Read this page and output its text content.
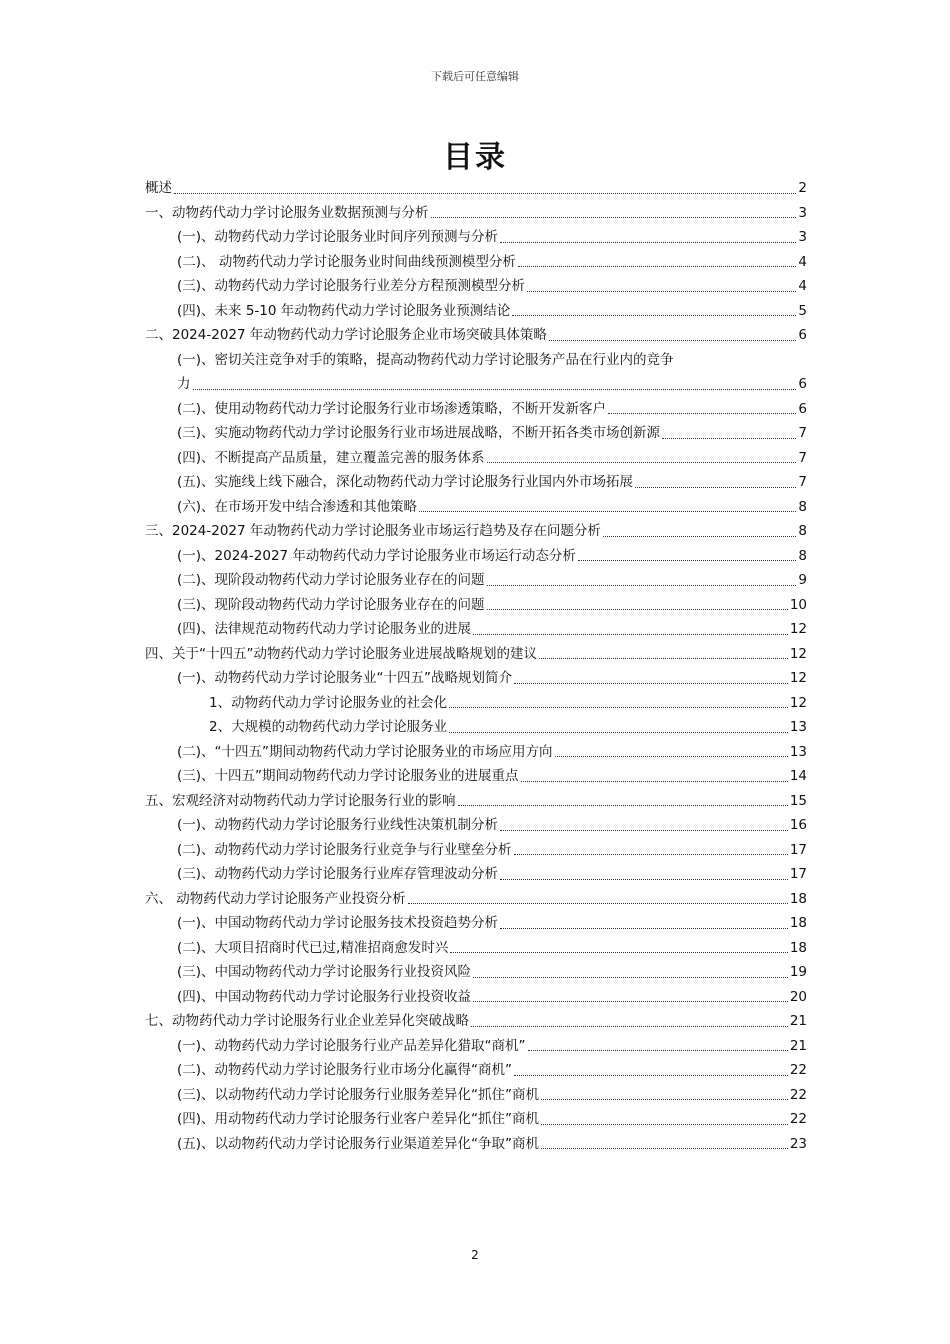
下载后可任意编辑
目录
概述	2
一、动物药代动力学讨论服务业数据预测与分析	3
(一)、动物药代动力学讨论服务业时间序列预测与分析	3
(二)、 动物药代动力学讨论服务业时间曲线预测模型分析	4
(三)、动物药代动力学讨论服务行业差分方程预测模型分析	4
(四)、未来 5-10 年动物药代动力学讨论服务业预测结论	5
二、2024-2027 年动物药代动力学讨论服务企业市场突破具体策略	6
(一)、密切关注竞争对手的策略，提高动物药代动力学讨论服务产品在行业内的竞争
力	6
(二)、使用动物药代动力学讨论服务行业市场渗透策略，不断开发新客户	6
(三)、实施动物药代动力学讨论服务行业市场进展战略，不断开拓各类市场创新源	7
(四)、不断提高产品质量，建立覆盖完善的服务体系	7
(五)、实施线上线下融合，深化动物药代动力学讨论服务行业国内外市场拓展	7
(六)、在市场开发中结合渗透和其他策略	8
三、2024-2027 年动物药代动力学讨论服务业市场运行趋势及存在问题分析	8
(一)、2024-2027 年动物药代动力学讨论服务业市场运行动态分析	8
(二)、现阶段动物药代动力学讨论服务业存在的问题	9
(三)、现阶段动物药代动力学讨论服务业存在的问题	10
(四)、法律规范动物药代动力学讨论服务业的进展	12
四、关于“十四五”动物药代动力学讨论服务业进展战略规划的建议	12
(一)、动物药代动力学讨论服务业“十四五”战略规划简介	12
1、动物药代动力学讨论服务业的社会化	12
2、大规模的动物药代动力学讨论服务业	13
(二)、“十四五”期间动物药代动力学讨论服务业的市场应用方向	13
(三)、十四五”期间动物药代动力学讨论服务业的进展重点	14
五、宏观经济对动物药代动力学讨论服务行业的影响	15
(一)、动物药代动力学讨论服务行业线性决策机制分析	16
(二)、动物药代动力学讨论服务行业竞争与行业壁垒分析	17
(三)、动物药代动力学讨论服务行业库存管理波动分析	17
六、 动物药代动力学讨论服务产业投资分析	18
(一)、中国动物药代动力学讨论服务技术投资趋势分析	18
(二)、大项目招商时代已过,精准招商愈发时兴	18
(三)、中国动物药代动力学讨论服务行业投资风险	19
(四)、中国动物药代动力学讨论服务行业投资收益	20
七、动物药代动力学讨论服务行业企业差异化突破战略	21
(一)、动物药代动力学讨论服务行业产品差异化猎取“商机”	21
(二)、动物药代动力学讨论服务行业市场分化赢得“商机”	22
(三)、以动物药代动力学讨论服务行业服务差异化“抓住”商机	22
(四)、用动物药代动力学讨论服务行业客户差异化“抓住”商机	22
(五)、以动物药代动力学讨论服务行业渠道差异化“争取”商机	23
2
